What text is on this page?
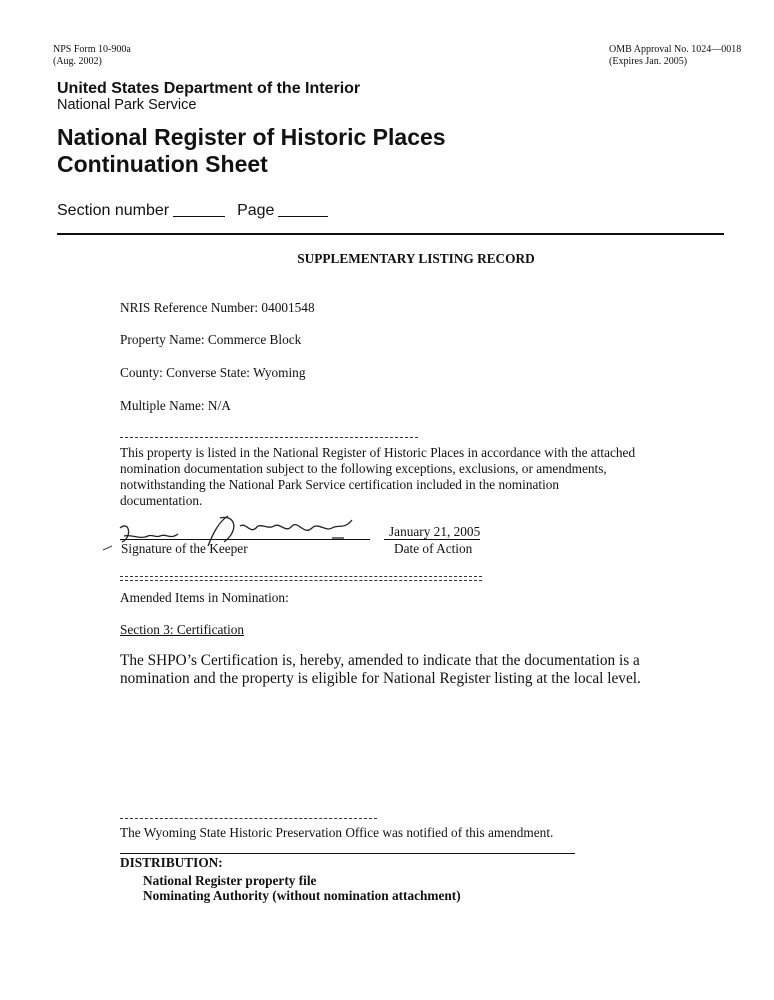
NPS Form 10-900a
(Aug. 2002)
OMB Approval No. 1024—0018
(Expires Jan. 2005)
United States Department of the Interior
National Park Service
National Register of Historic Places
Continuation Sheet
Section number	Page
SUPPLEMENTARY LISTING RECORD
NRIS Reference Number: 04001548
Property Name: Commerce Block
County: Converse State: Wyoming
Multiple Name: N/A
This property is listed in the National Register of Historic Places in accordance with the attached
nomination documentation subject to the following exceptions, exclusions, or amendments,
notwithstanding the National Park Service certification included in the nomination
documentation.
Signature of the Keeper
January 21, 2005
Date of Action
Amended Items in Nomination:
Section 3: Certification
The SHPO’s Certification is, hereby, amended to indicate that the documentation is a
nomination and the property is eligible for National Register listing at the local level.
The Wyoming State Historic Preservation Office was notified of this amendment.
DISTRIBUTION:
National Register property file
Nominating Authority (without nomination attachment)
